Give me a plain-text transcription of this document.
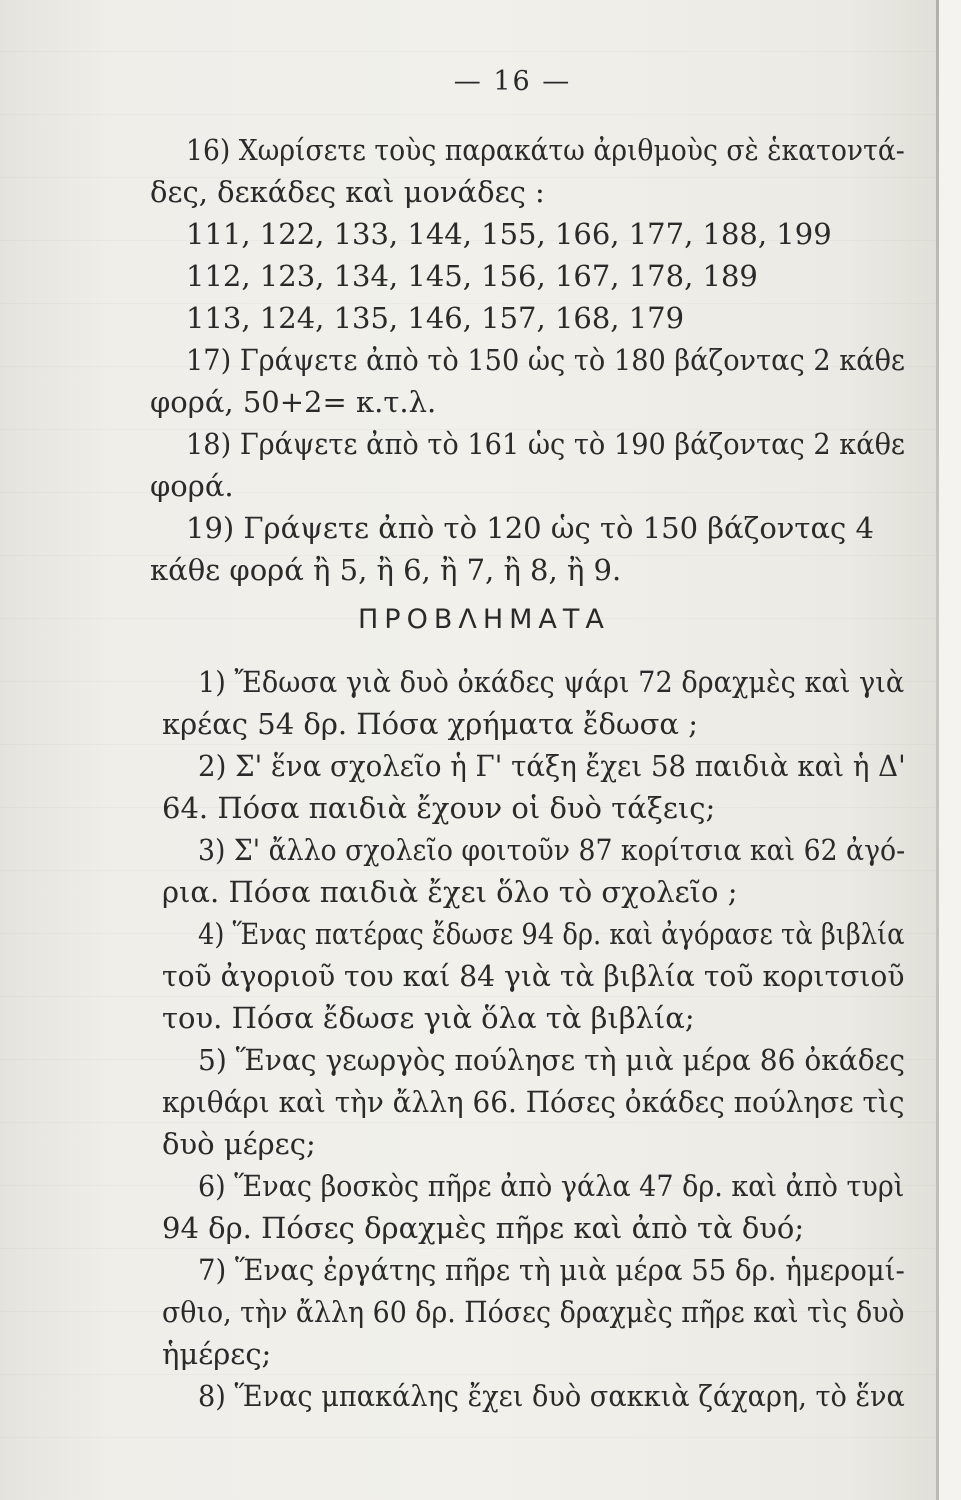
— 16 —
16) Χωρίσετε τοὺς παρακάτω ἀριθμοὺς σὲ ἑκατοντά-
δες, δεκάδες καὶ μονάδες :
111, 122, 133, 144, 155, 166, 177, 188, 199
112, 123, 134, 145, 156, 167, 178, 189
113, 124, 135, 146, 157, 168, 179
17) Γράψετε ἀπὸ τὸ 150 ὡς τὸ 180 βάζοντας 2 κάθε
φορά, 50+2= κ.τ.λ.
18) Γράψετε ἀπὸ τὸ 161 ὡς τὸ 190 βάζοντας 2 κάθε
φορά.
19) Γράψετε ἀπὸ τὸ 120 ὡς τὸ 150 βάζοντας 4
κάθε φορά ἢ 5, ἢ 6, ἢ 7, ἢ 8, ἢ 9.
ΠΡΟΒΛΗΜΑΤΑ
1) Ἔδωσα γιὰ δυὸ ὀκάδες ψάρι 72 δραχμὲς καὶ γιὰ
κρέας 54 δρ. Πόσα χρήματα ἔδωσα ;
2) Σ' ἕνα σχολεῖο ἡ Γ' τάξη ἔχει 58 παιδιὰ καὶ ἡ Δ'
64. Πόσα παιδιὰ ἔχουν οἱ δυὸ τάξεις;
3) Σ' ἄλλο σχολεῖο φοιτοῦν 87 κορίτσια καὶ 62 ἀγό-
ρια. Πόσα παιδιὰ ἔχει ὅλο τὸ σχολεῖο ;
4) Ἕνας πατέρας ἔδωσε 94 δρ. καὶ ἀγόρασε τὰ βιβλία
τοῦ ἀγοριοῦ του καί 84 γιὰ τὰ βιβλία τοῦ κοριτσιοῦ
του. Πόσα ἔδωσε γιὰ ὅλα τὰ βιβλία;
5) Ἕνας γεωργὸς πούλησε τὴ μιὰ μέρα 86 ὀκάδες
κριθάρι καὶ τὴν ἄλλη 66. Πόσες ὀκάδες πούλησε τὶς
δυὸ μέρες;
6) Ἕνας βοσκὸς πῆρε ἀπὸ γάλα 47 δρ. καὶ ἀπὸ τυρὶ
94 δρ. Πόσες δραχμὲς πῆρε καὶ ἀπὸ τὰ δυό;
7) Ἕνας ἐργάτης πῆρε τὴ μιὰ μέρα 55 δρ. ἡμερομί-
σθιο, τὴν ἄλλη 60 δρ. Πόσες δραχμὲς πῆρε καὶ τὶς δυὸ
ἡμέρες;
8) Ἕνας μπακάλης ἔχει δυὸ σακκιὰ ζάχαρη, τὸ ἕνα
